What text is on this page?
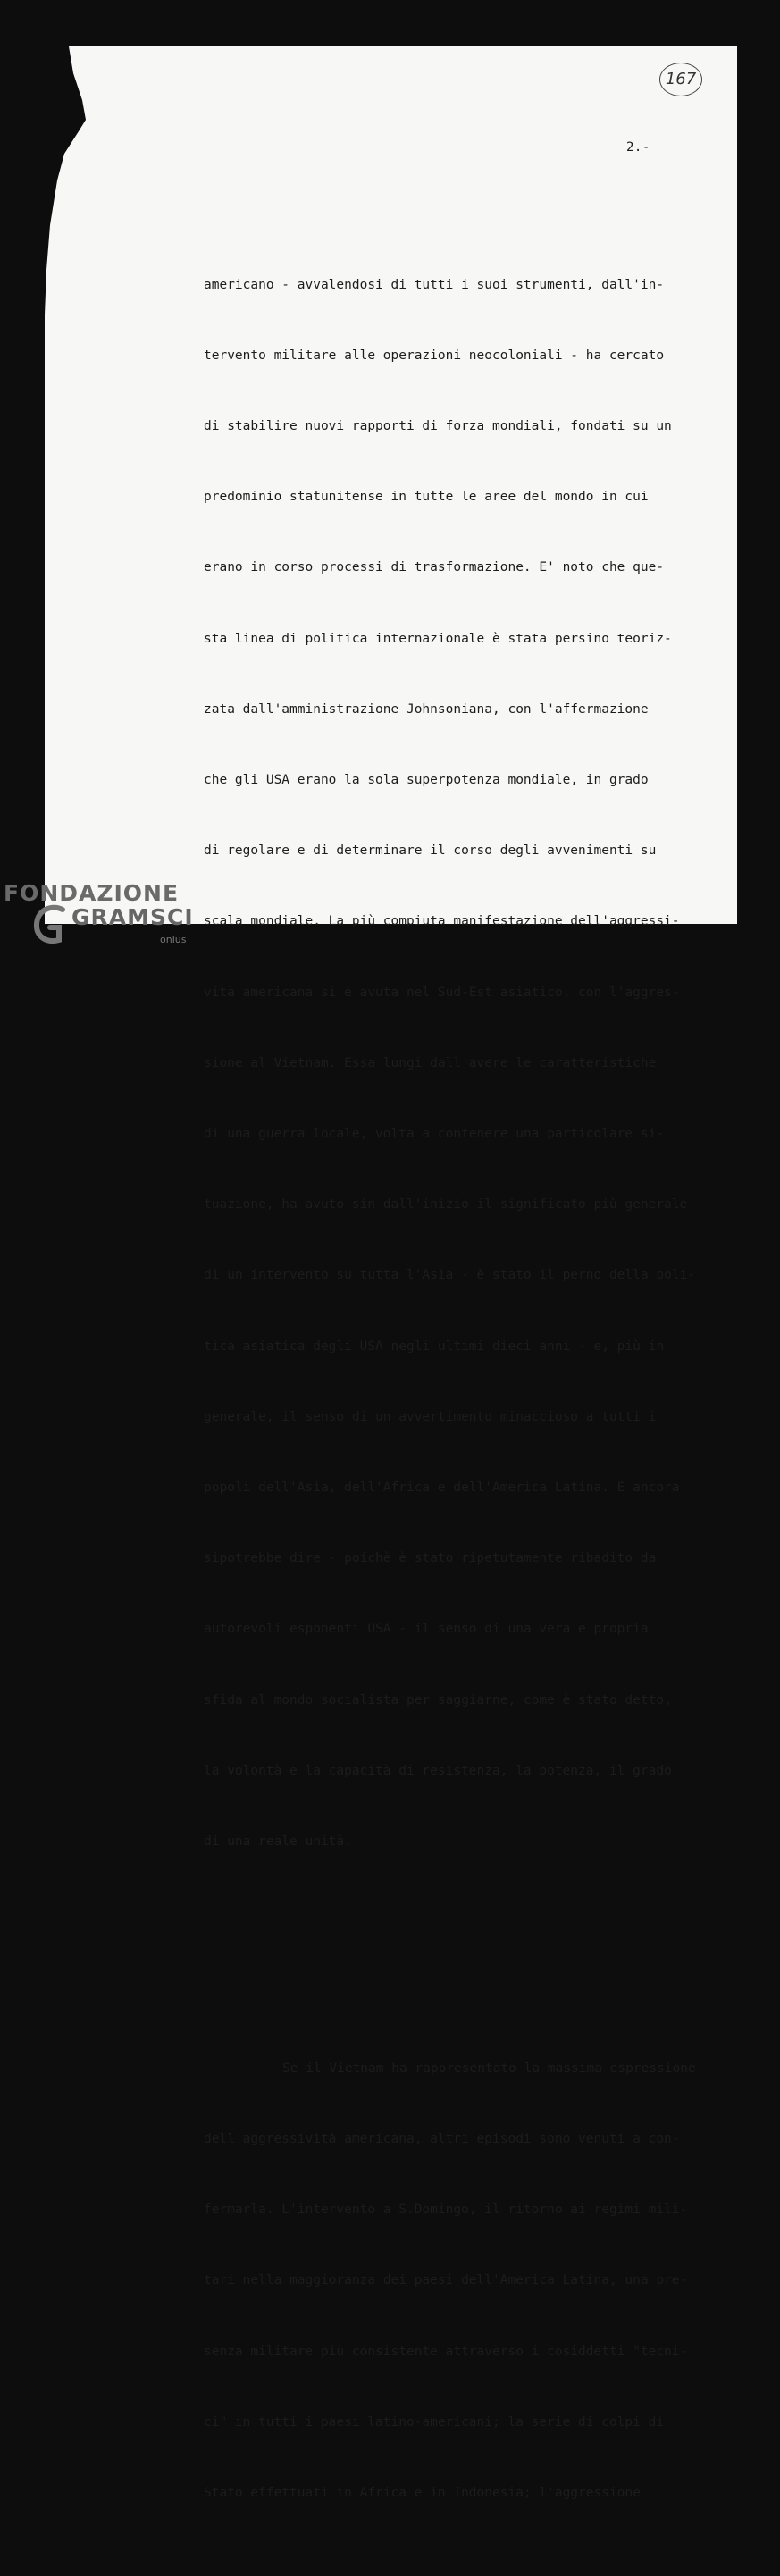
167
2.-

americano - avvalendosi di tutti i suoi strumenti, dall'in-

tervento militare alle operazioni neocoloniali - ha cercato

di stabilire nuovi rapporti di forza mondiali, fondati su un

predominio statunitense in tutte le aree del mondo in cui

erano in corso processi di trasformazione. E' noto che que-

sta linea di politica internazionale è stata persino teoriz-

zata dall'amministrazione Johnsoniana, con l'affermazione

che gli USA erano la sola superpotenza mondiale, in grado

di regolare e di determinare il corso degli avvenimenti su

scala mondiale. La più compiuta manifestazione dell'aggressi-

vità americana si è avuta nel Sud-Est asiatico, con l'aggres-

sione al Vietnam. Essa lungi dall'avere le caratteristiche

di una guerra locale, volta a contenere una particolare si-

tuazione, ha avuto sin dall'inizio il significato più generale

di un intervento su tutta l'Asia - è stato il perno della poli-

tica asiatica degli USA negli ultimi dieci anni - e, più in

generale, il senso di un avvertimento minaccioso a tutti i

popoli dell'Asia, dell'Africa e dell'America Latina. E ancora

sipotrebbe dire - poichè è stato ripetutamente ribadito da

autorevoli esponenti USA - il senso di una vera e propria

sfida al mondo socialista per saggiarne, come è stato detto,

la volontà e la capacità di resistenza, la potenza, il grado

di una reale unità.

Se il Vietnam ha rappresentato la massima espressione

dell'aggressività americana, altri episodi sono venuti a con-

fermarla. L'intervento a S.Domingo, il ritorno ai regimi mili-

tari nella maggioranza dei paesi dell'America Latina, una pre-

senza militare più consistente attraverso i cosiddetti "tecni-

ci" in tutti i paesi latino-americani; la serie di colpi di

Stato effettuati in Africa e in Indonesia; l'aggressione

FONDAZIONE
GRAMSCI
onlus
